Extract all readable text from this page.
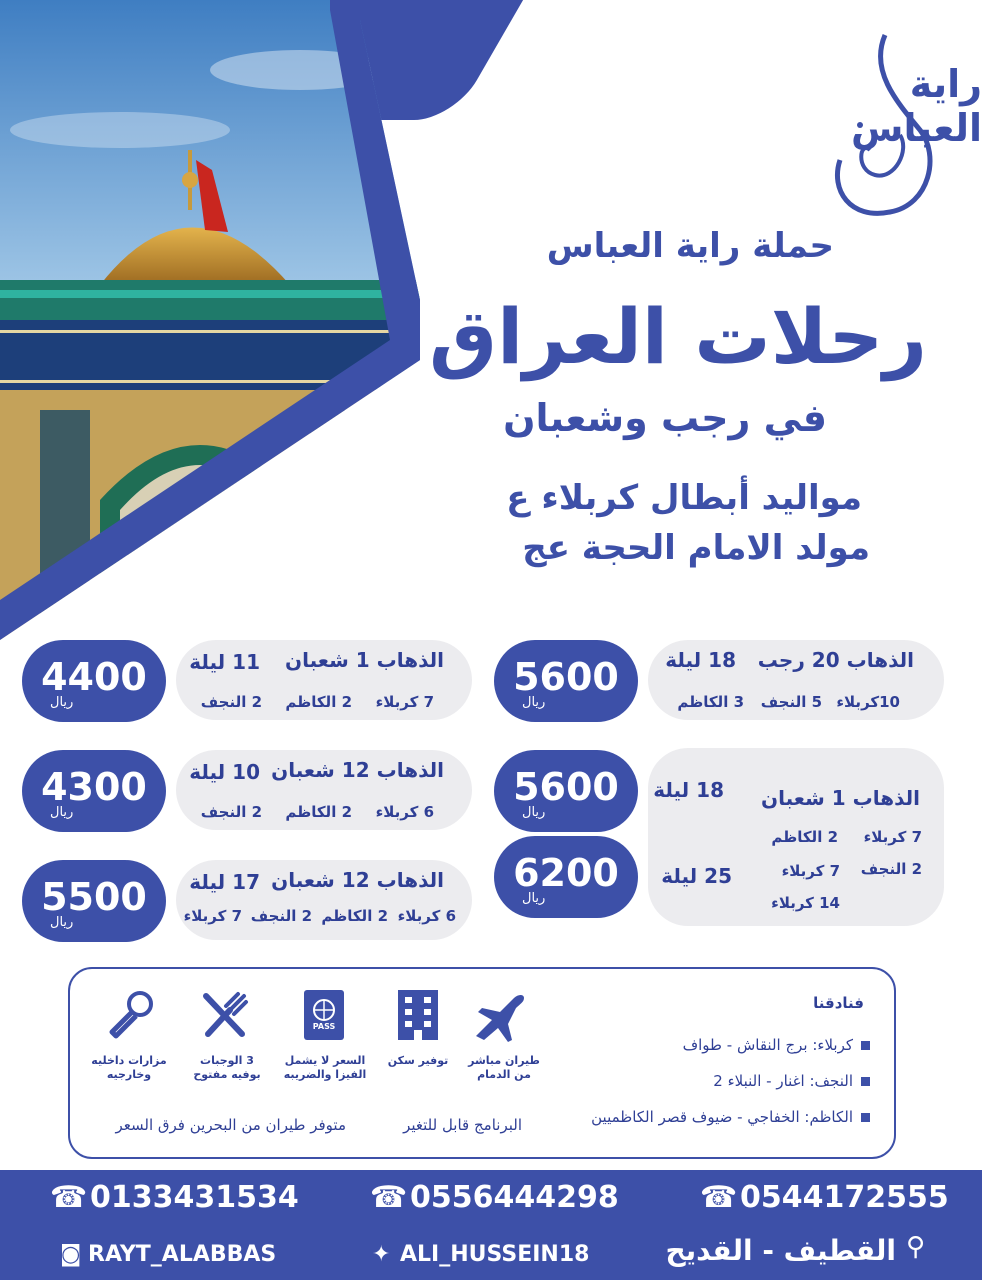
راية العباس
حملة راية العباس
رحلات العراق
في رجب وشعبان
مواليد أبطال كربلاء ع
مولد الامام الحجة عج
الذهاب 20 رجب
18 ليلة
10كربلاء
5 النجف
3 الكاظم
5600
ريال
الذهاب 1 شعبان
11 ليلة
7 كربلاء
2 الكاظم
2 النجف
4400
ريال
الذهاب 1 شعبان
18 ليلة
25 ليلة
7 كربلاء
2 الكاظم
2 النجف
7 كربلاء
14 كربلاء
5600
ريال
6200
ريال
الذهاب 12 شعبان
10 ليلة
6 كربلاء
2 الكاظم
2 النجف
4300
ريال
الذهاب 12 شعبان
17 ليلة
6 كربلاء
2 الكاظم
2 النجف
7 كربلاء
5500
ريال
PASS
طيران مباشر
من الدمام
توفير سكن
السعر لا يشمل
الفيزا والضريبه
3 الوجبات
بوفيه مفتوح
مزارات داخليه
وخارجيه
فنادقنا
كربلاء: برج النقاش - طواف
النجف: اغنار - النبلاء 2
الكاظم: الخفاجي - ضيوف قصر الكاظميين
البرنامج قابل للتغير
متوفر طيران من البحرين فرق السعر
☎ 0544172555
☎ 0556444298
☎ 0133431534
⚲
القطيف - القديح
✦ ALI_HUSSEIN18
◙ RAYT_ALABBAS
